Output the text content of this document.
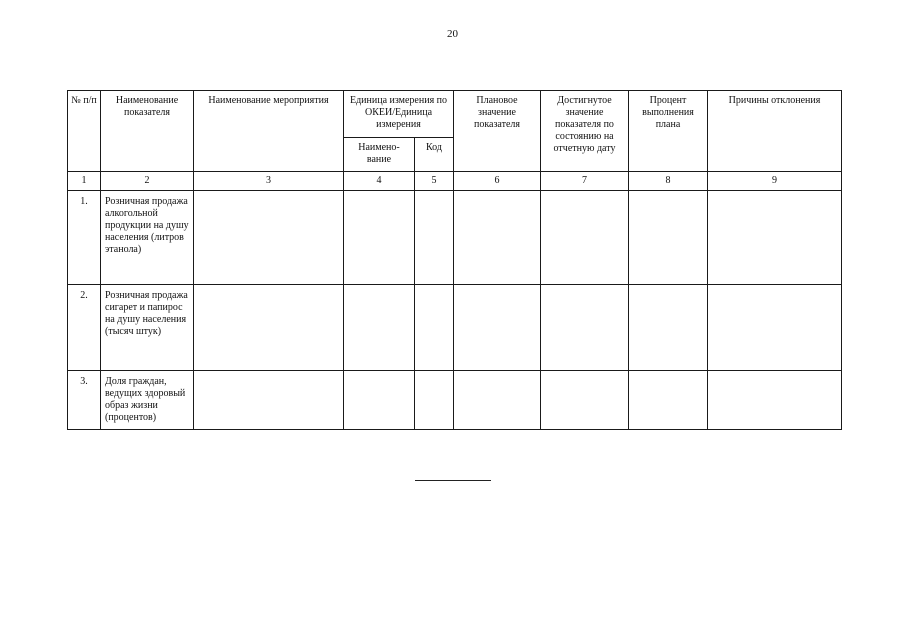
20
№ п/п	Наименование показателя	Наименование мероприятия	Единица измерения по ОКЕИ/Единица измерения		Плановое значение показателя	Достигнутое значение показателя по состоянию на отчетную дату	Процент выполнения плана	Причины отклонения
			Наимено-вание	Код				
1	2	3	4	5	6	7	8	9
1.	Розничная продажа алкогольной продукции на душу населения (литров этанола)							
2.	Розничная продажа сигарет и папирос на душу населения (тысяч штук)							
3.	Доля граждан, ведущих здоровый образ жизни (процентов)							
